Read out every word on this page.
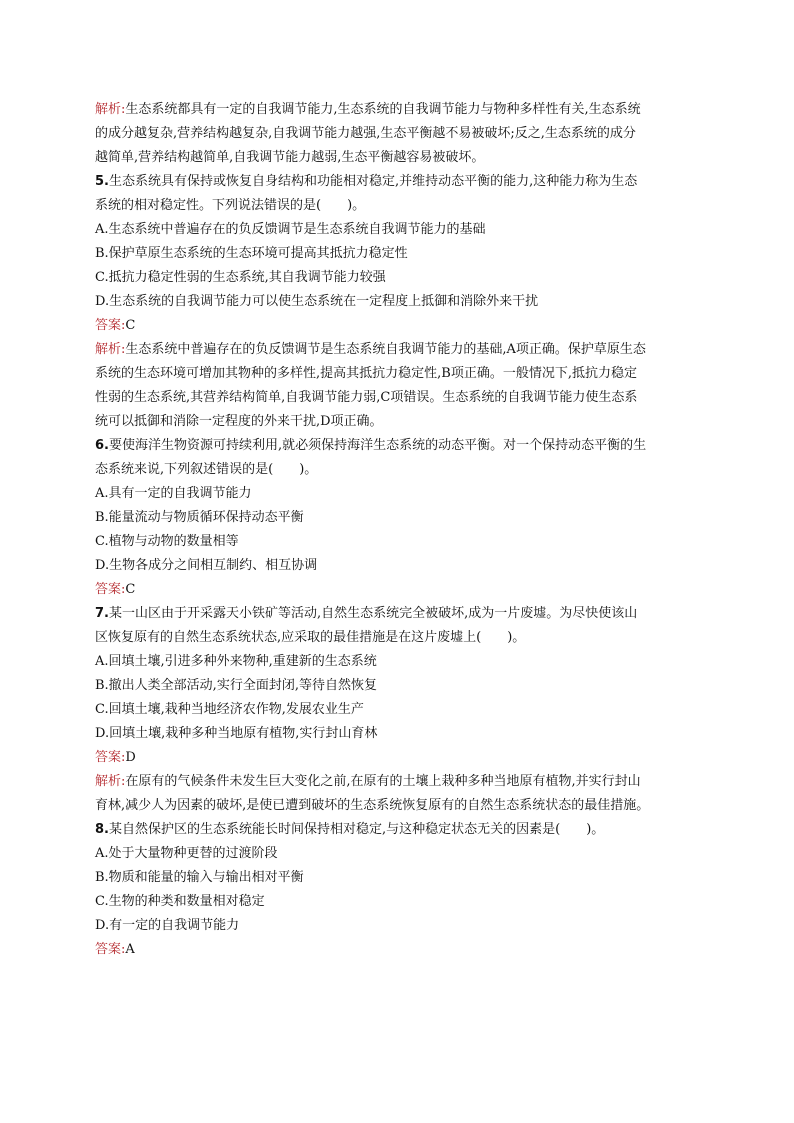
解析:生态系统都具有一定的自我调节能力,生态系统的自我调节能力与物种多样性有关,生态系统
的成分越复杂,营养结构越复杂,自我调节能力越强,生态平衡越不易被破坏;反之,生态系统的成分
越简单,营养结构越简单,自我调节能力越弱,生态平衡越容易被破坏。
5.生态系统具有保持或恢复自身结构和功能相对稳定,并维持动态平衡的能力,这种能力称为生态
系统的相对稳定性。下列说法错误的是(　　)。
A.生态系统中普遍存在的负反馈调节是生态系统自我调节能力的基础
B.保护草原生态系统的生态环境可提高其抵抗力稳定性
C.抵抗力稳定性弱的生态系统,其自我调节能力较强
D.生态系统的自我调节能力可以使生态系统在一定程度上抵御和消除外来干扰
答案:C
解析:生态系统中普遍存在的负反馈调节是生态系统自我调节能力的基础,A项正确。保护草原生态
系统的生态环境可增加其物种的多样性,提高其抵抗力稳定性,B项正确。一般情况下,抵抗力稳定
性弱的生态系统,其营养结构简单,自我调节能力弱,C项错误。生态系统的自我调节能力使生态系
统可以抵御和消除一定程度的外来干扰,D项正确。
6.要使海洋生物资源可持续利用,就必须保持海洋生态系统的动态平衡。对一个保持动态平衡的生
态系统来说,下列叙述错误的是(　　)。
A.具有一定的自我调节能力
B.能量流动与物质循环保持动态平衡
C.植物与动物的数量相等
D.生物各成分之间相互制约、相互协调
答案:C
7.某一山区由于开采露天小铁矿等活动,自然生态系统完全被破坏,成为一片废墟。为尽快使该山
区恢复原有的自然生态系统状态,应采取的最佳措施是在这片废墟上(　　)。
A.回填土壤,引进多种外来物种,重建新的生态系统
B.撤出人类全部活动,实行全面封闭,等待自然恢复
C.回填土壤,栽种当地经济农作物,发展农业生产
D.回填土壤,栽种多种当地原有植物,实行封山育林
答案:D
解析:在原有的气候条件未发生巨大变化之前,在原有的土壤上栽种多种当地原有植物,并实行封山
育林,减少人为因素的破坏,是使已遭到破坏的生态系统恢复原有的自然生态系统状态的最佳措施。
8.某自然保护区的生态系统能长时间保持相对稳定,与这种稳定状态无关的因素是(　　)。
A.处于大量物种更替的过渡阶段
B.物质和能量的输入与输出相对平衡
C.生物的种类和数量相对稳定
D.有一定的自我调节能力
答案:A
